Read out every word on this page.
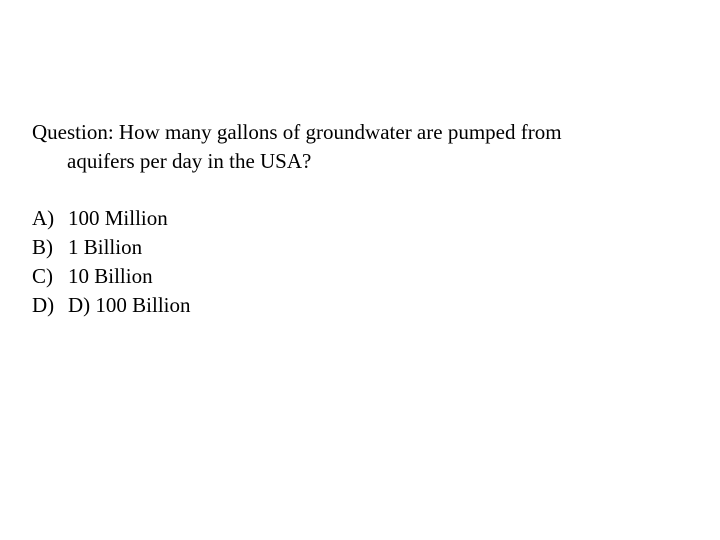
Question: How many gallons of groundwater are pumped from
aquifers per day in the USA?
A) 100 Million
B) 1 Billion
C) 10 Billion
D) D) 100 Billion
